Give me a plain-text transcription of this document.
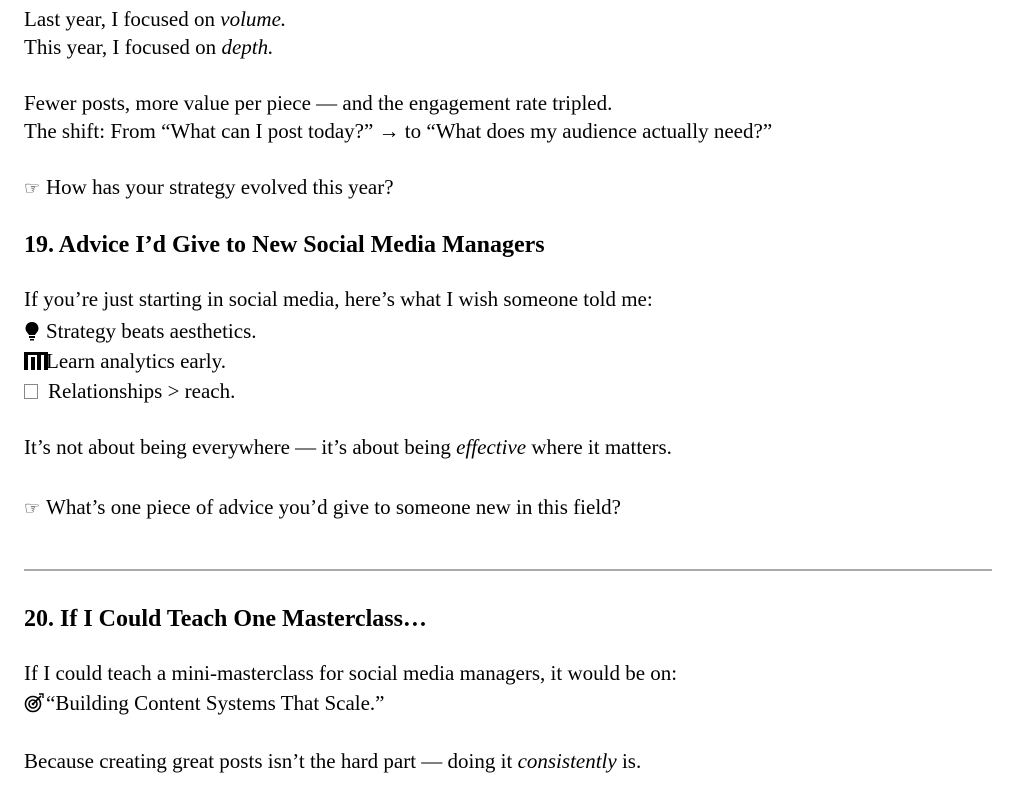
Last year, I focused on volume.

This year, I focused on depth.

Fewer posts, more value per piece — and the engagement rate tripled.

The shift: From “What can I post today?” → to “What does my audience actually need?”

☞ How has your strategy evolved this year?

19. Advice I’d Give to New Social Media Managers

If you’re just starting in social media, here’s what I wish someone told me:

Strategy beats aesthetics.

Learn analytics early.

Relationships > reach.

It’s not about being everywhere — it’s about being effective where it matters.

☞ What’s one piece of advice you’d give to someone new in this field?

20. If I Could Teach One Masterclass…

If I could teach a mini-masterclass for social media managers, it would be on:

“Building Content Systems That Scale.”

Because creating great posts isn’t the hard part — doing it consistently is.
